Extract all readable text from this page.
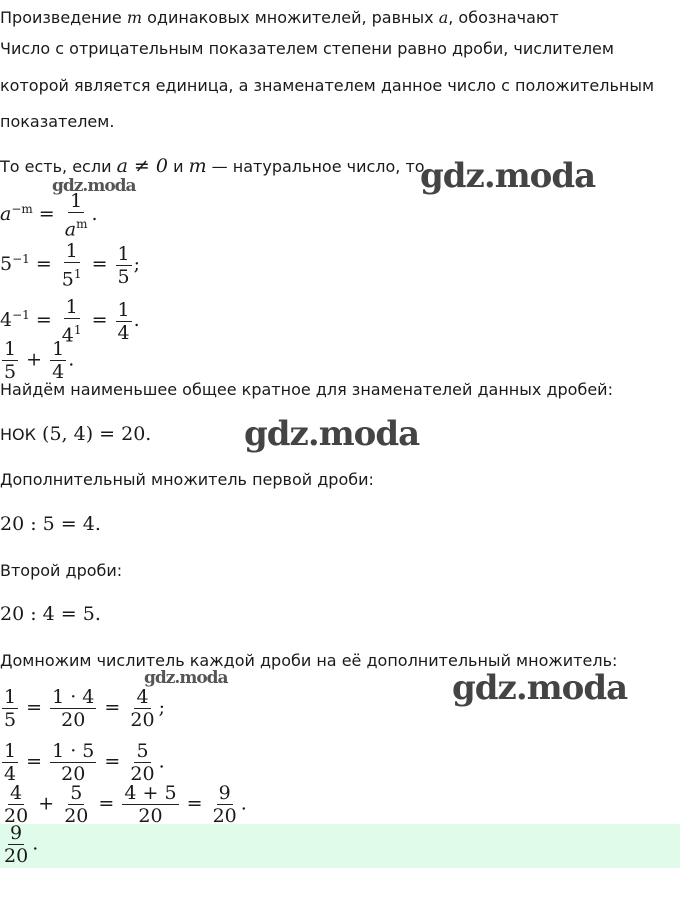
Произведение m одинаковых множителей, равных a, обозначают
Число с отрицательным показателем степени равно дроби, числителем
которой является единица, а знаменателем данное число с положительным
показателем.
То есть, если a ≠ 0 и m — натуральное число, то
$a^{-m} = \frac{1}{a^m}$ .
$5^{-1} = \frac{1}{5^1} = \frac{1}{5}$ ;
$4^{-1} = \frac{1}{4^1} = \frac{1}{4}$ .
$\frac{1}{5} + \frac{1}{4}$ .
Найдём наименьшее общее кратное для знаменателей данных дробей:
НОК (5, 4) = 20.
Дополнительный множитель первой дроби:
20 : 5 = 4.
Второй дроби:
20 : 4 = 5.
Домножим числитель каждой дроби на её дополнительный множитель:
$\frac{1}{5} = \frac{1 \cdot 4}{20} = \frac{4}{20}$ ;
$\frac{1}{4} = \frac{1 \cdot 5}{20} = \frac{5}{20}$ .
$\frac{4}{20} + \frac{5}{20} = \frac{4 + 5}{20} = \frac{9}{20}$ .
$\frac{9}{20}$ .
gdz.moda
gdz.moda
gdz.moda
gdz.moda	gdz.moda
